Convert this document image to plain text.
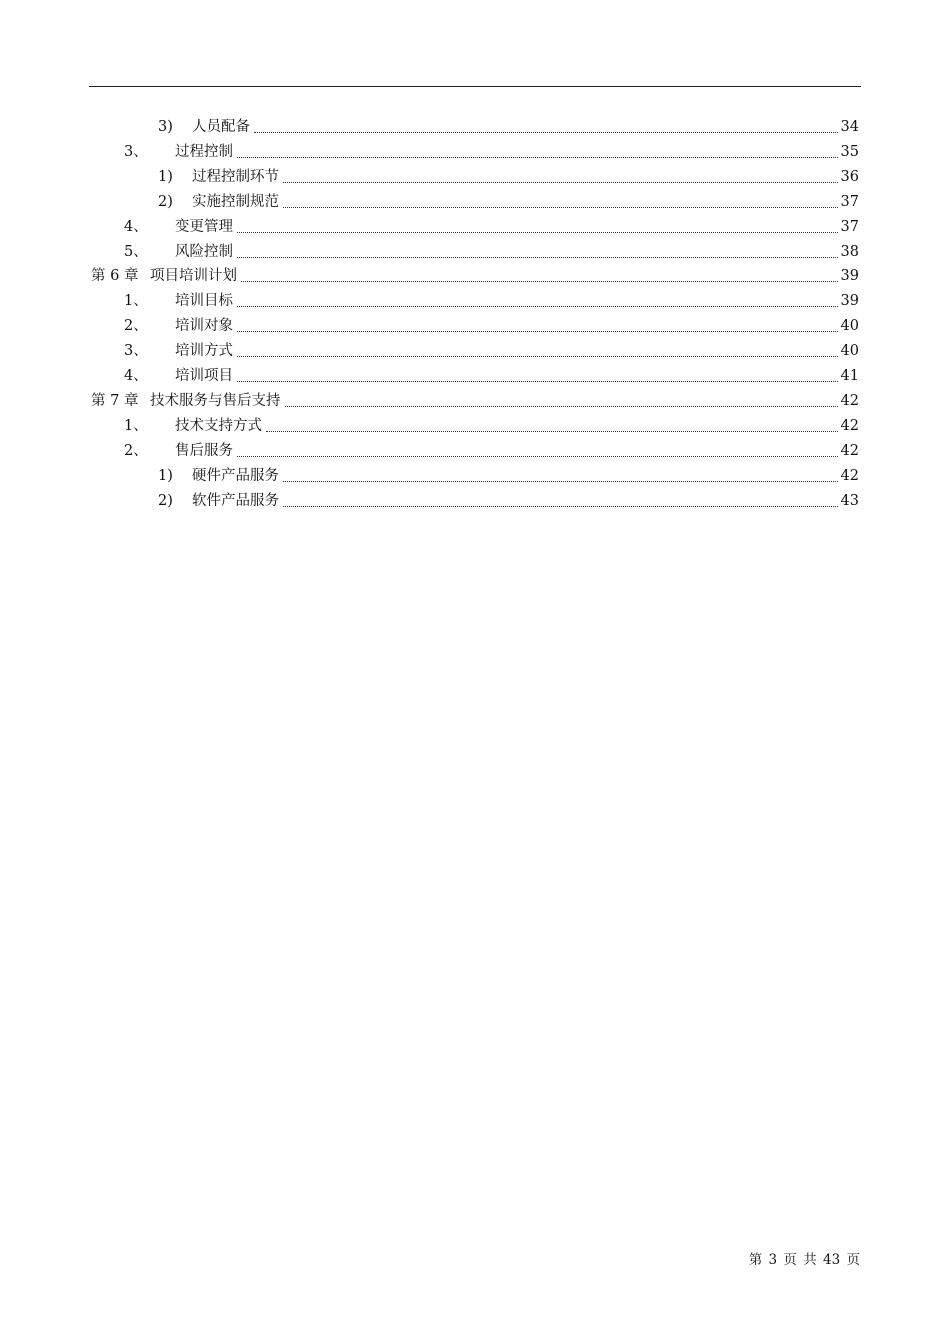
3)	人员配备	34
3、	过程控制	35
1)	过程控制环节	36
2)	实施控制规范	37
4、	变更管理	37
5、	风险控制	38
第 6 章 项目培训计划	39
1、	培训目标	39
2、	培训对象	40
3、	培训方式	40
4、	培训项目	41
第 7 章 技术服务与售后支持	42
1、	技术支持方式	42
2、	售后服务	42
1)	硬件产品服务	42
2)	软件产品服务	43
第 3 页 共 43 页
